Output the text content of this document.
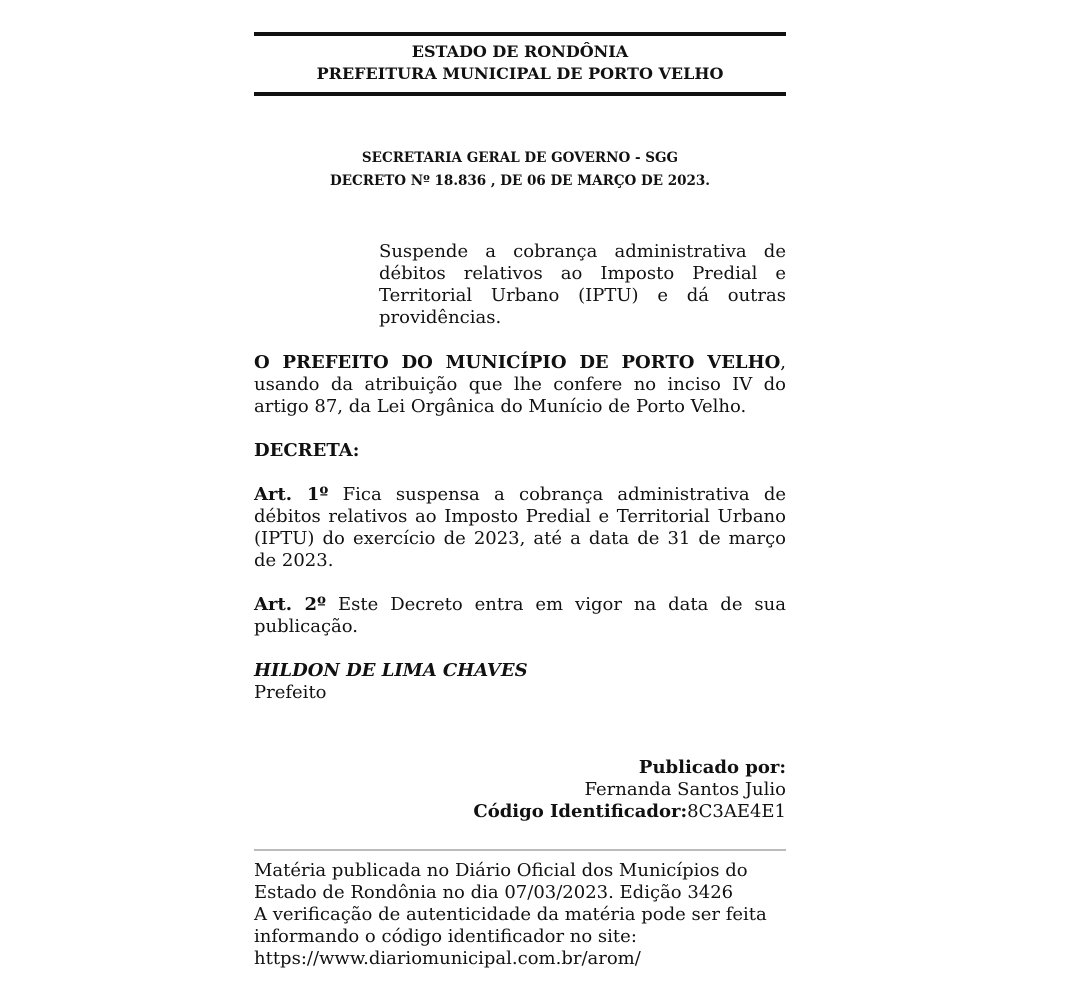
ESTADO DE RONDÔNIA
PREFEITURA MUNICIPAL DE PORTO VELHO
SECRETARIA GERAL DE GOVERNO - SGG
DECRETO Nº 18.836 , DE 06 DE MARÇO DE 2023.
Suspende a cobrança administrativa de débitos relativos ao Imposto Predial e Territorial Urbano (IPTU) e dá outras providências.
O PREFEITO DO MUNICÍPIO DE PORTO VELHO, usando da atribuição que lhe confere no inciso IV do artigo 87, da Lei Orgânica do Munício de Porto Velho.
DECRETA:
Art. 1º Fica suspensa a cobrança administrativa de débitos relativos ao Imposto Predial e Territorial Urbano (IPTU) do exercício de 2023, até a data de 31 de março de 2023.
Art. 2º Este Decreto entra em vigor na data de sua publicação.
HILDON DE LIMA CHAVES
Prefeito
Publicado por:
Fernanda Santos Julio
Código Identificador:8C3AE4E1
Matéria publicada no Diário Oficial dos Municípios do Estado de Rondônia no dia 07/03/2023. Edição 3426
A verificação de autenticidade da matéria pode ser feita informando o código identificador no site:
https://www.diariomunicipal.com.br/arom/
